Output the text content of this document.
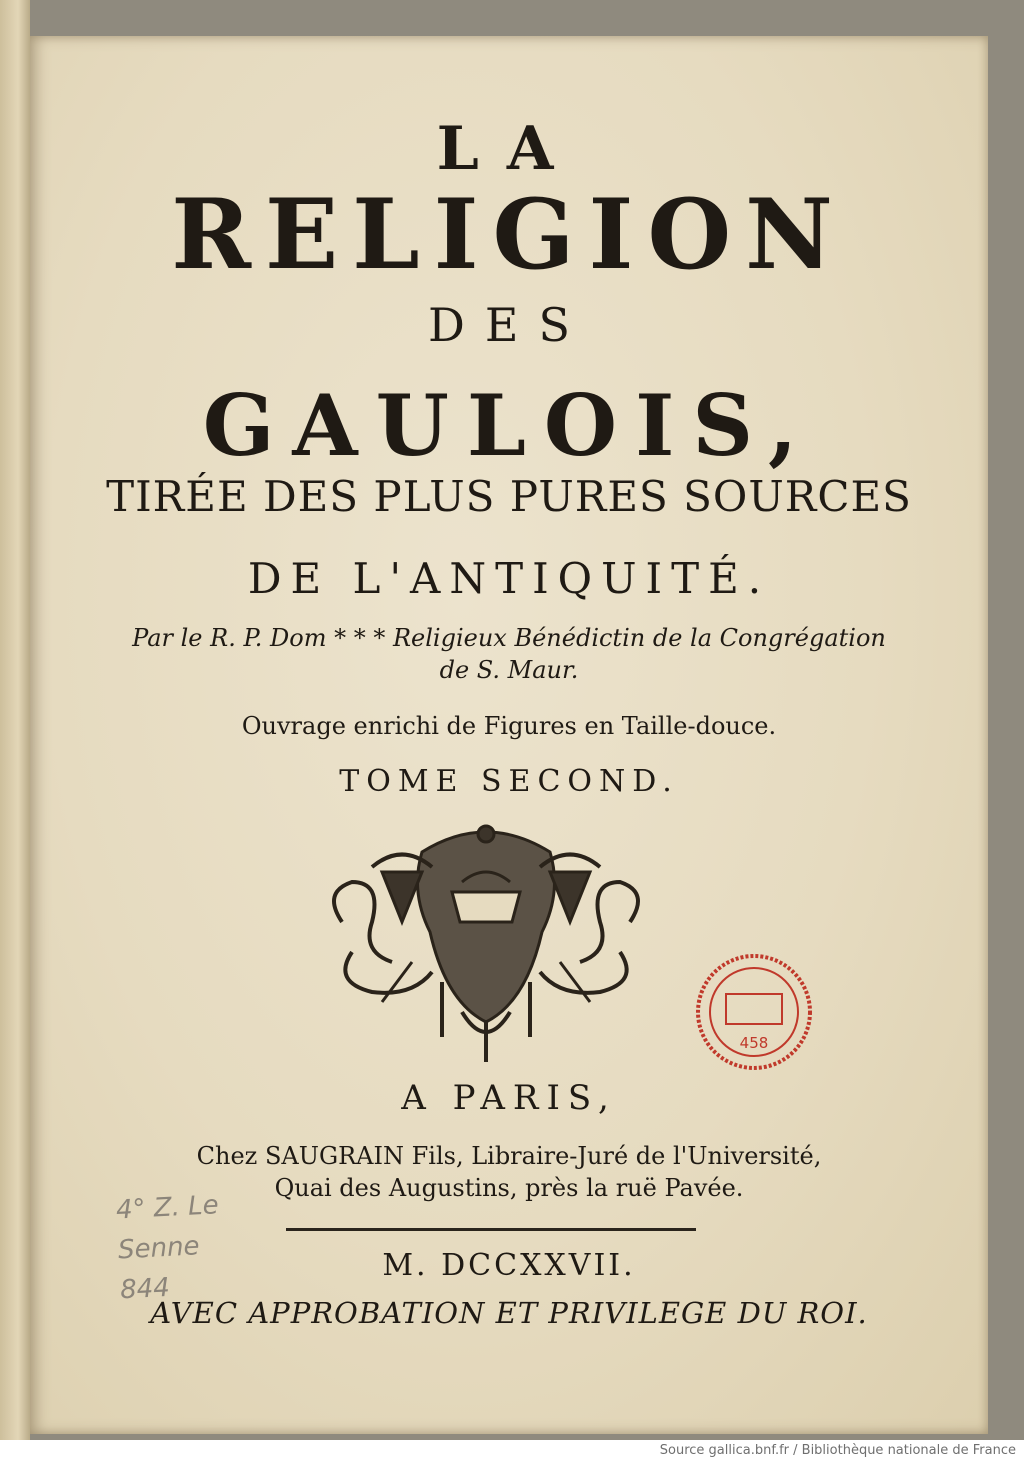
LA
RELIGION
DES
GAULOIS,
TIRÉE DES PLUS PURES SOURCES
DE L'ANTIQUITÉ.
Par le R. P. Dom * * * Religieux Bénédictin de la Congrégation
de S. Maur.
Ouvrage enrichi de Figures en Taille-douce.
TOME SECOND.
A PARIS,
Chez SAUGRAIN Fils, Libraire-Juré de l'Université,
Quai des Augustins, près la ruë Pavée.
M. DCCXXVII.
AVEC APPROBATION ET PRIVILEGE DU ROI.
4° Z. Le Senne
844
458
Source gallica.bnf.fr / Bibliothèque nationale de France
